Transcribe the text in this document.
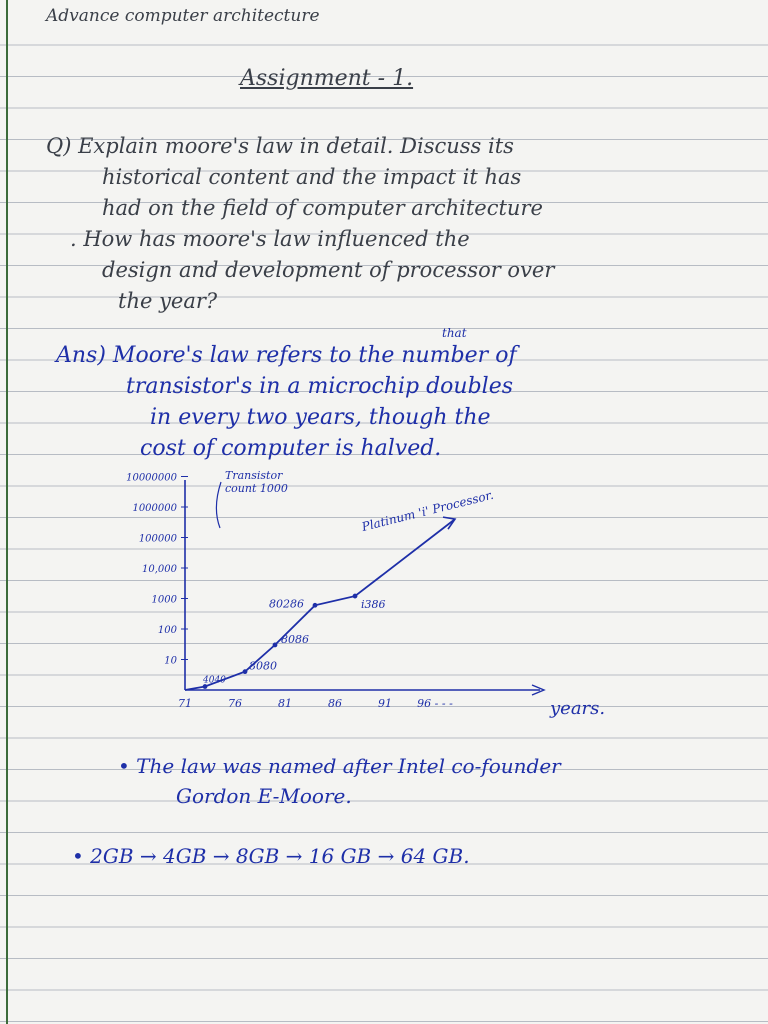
Advance computer architecture
Assignment - 1.
Q) Explain moore's law in detail. Discuss its
historical content and the impact it has
had on the field of computer architecture
. How has moore's law influenced the
design and development of processor over
the year?
that
Ans) Moore's law refers to the number of
transistor's in a microchip doubles
in every two years, though the
cost of computer is halved.
10
100
1000
10,000
100000
1000000
10000000
71	76	81	86	91 96 - - -	years.
Transistor
count 1000
4040
8080
8086
80286	i386
Platinum 'i' Processor.
• The law was named after Intel co-founder
Gordon E-Moore.
• 2GB → 4GB → 8GB → 16 GB → 64 GB.
